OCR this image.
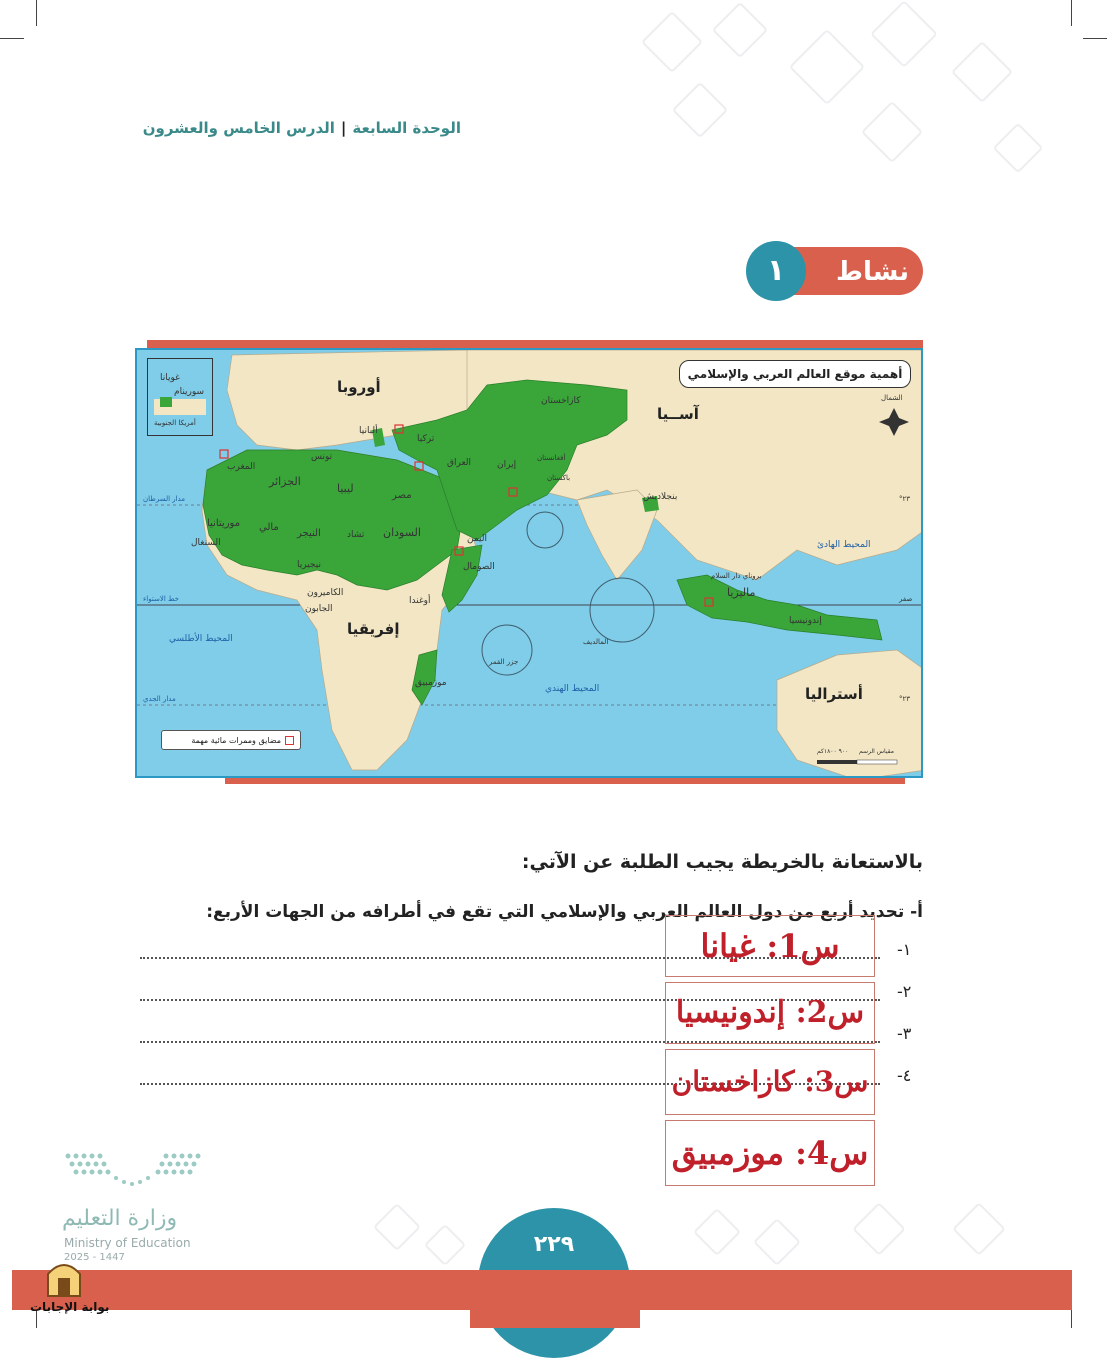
الوحدة السابعة|الدرس الخامس والعشرون
نشاط
١
أهمية موقع العالم العربي والإسلامي
غويانا
سورينام
أمريكا الجنوبية
أوروبا
آســيا
إفريقيا
أستراليا
المحيط الأطلسي
المحيط الهندي
المحيط الهادئ
المغرب
الجزائر
تونس
ليبيا
مصر
السودان
تشاد
النيجر
مالي
موريتانيا
السنغال
نيجيريا
الكاميرون
الجابون
أوغندا
الصومال
موزمبيق
جزر القمر
المالديف
تركيا
ألبانيا
كازاخستان
العراق	إيران
أفغانستان
باكستان
اليمن
بنجلاديش
بروناي دار السلام
ماليزيا
إندونيسيا
مدار السرطان
خط الاستواء
مدار الجدي
٢٣°
صفر
٢٣°
الشمال
مقياس الرسم
٩٠٠ ١٨٠٠كم
مضايق وممرات مائية مهمة
بالاستعانة بالخريطة يجيب الطلبة عن الآتي:
أ- تحديد أربع من دول العالم العربي والإسلامي التي تقع في أطرافه من الجهات الأربع:
١-
٢-
٣-
٤-
س1: غيانا
س2: إندونيسيا
س3: كازاخستان
س4: موزمبيق
وزارة التعليم
Ministry of Education
2025 - 1447
٢٢٩
بوابة الإجابات
